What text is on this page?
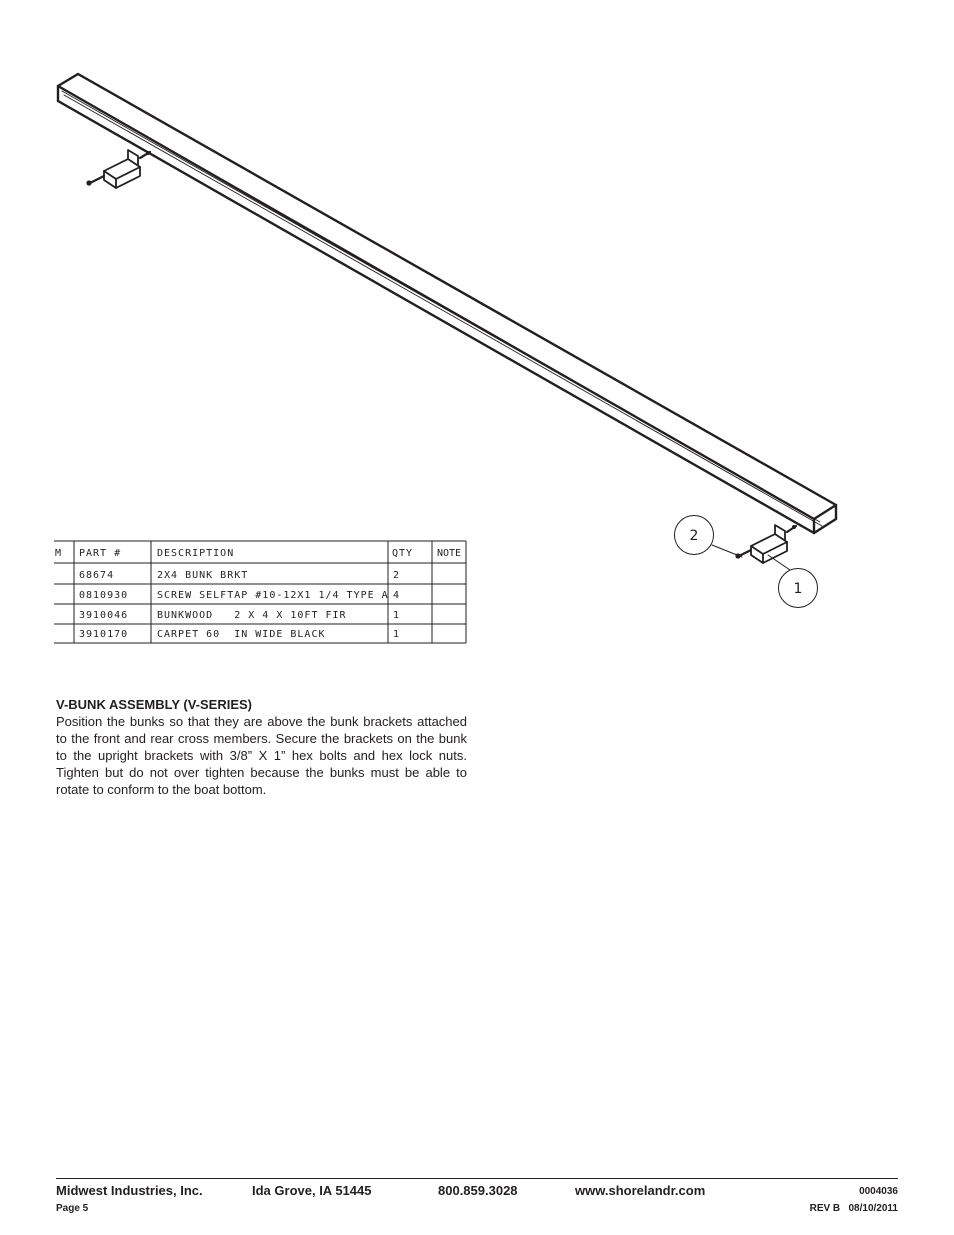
2
1
M PART #	DESCRIPTION	QTY NOTE
68674	2X4 BUNK BRKT	2
0810930	SCREW SELFTAP #10-12X1 1/4 TYPE A 4
3910046	BUNKWOOD   2 X 4 X 10FT FIR	1
3910170	CARPET 60  IN WIDE BLACK	1

V-BUNK ASSEMBLY (V-SERIES)

Position the bunks so that they are above the bunk brackets attached to the front and rear cross members. Secure the brackets on the bunk to the upright brackets with 3/8” X 1” hex bolts and hex lock nuts. Tighten but do not over tighten because the bunks must be able to rotate to conform to the boat bottom.

Midwest Industries, Inc.	Ida Grove, IA 51445	800.859.3028	www.shorelandr.com	0004036
Page 5	REV B   08/10/2011
